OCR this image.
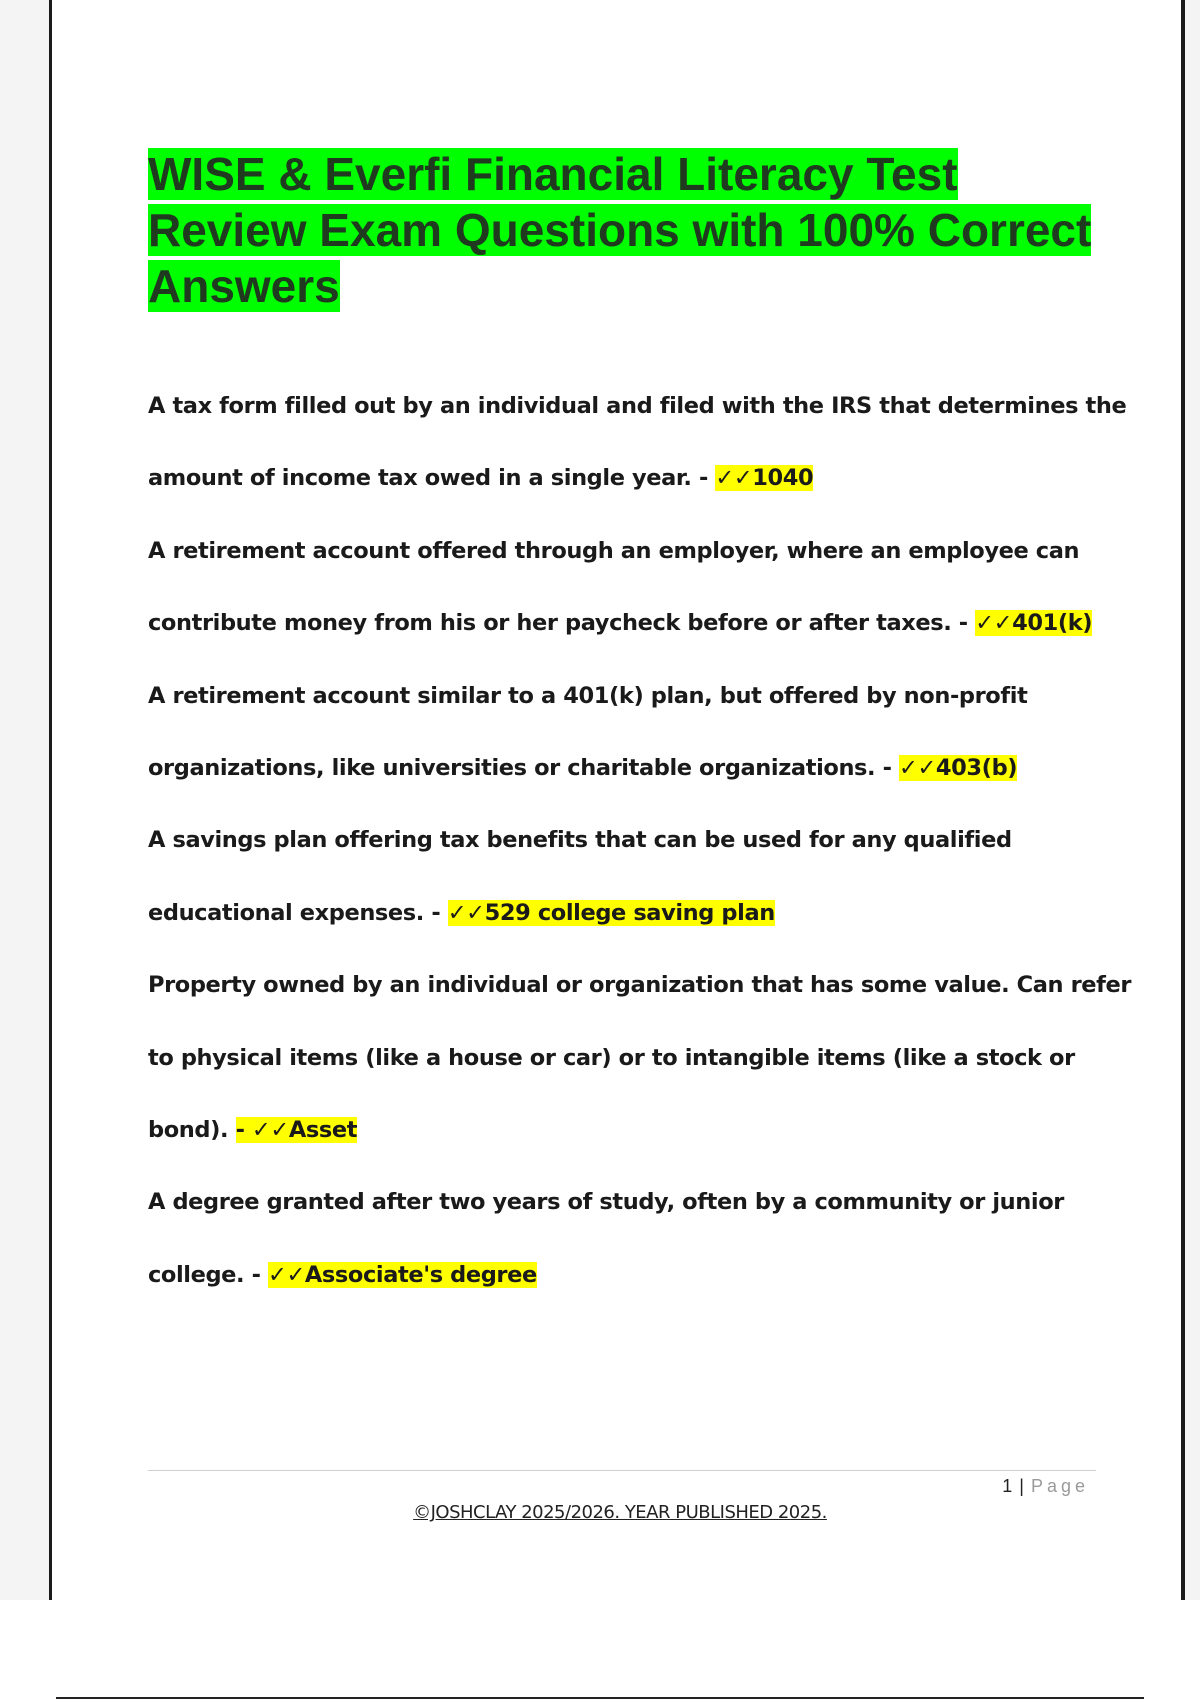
WISE & Everfi Financial Literacy Test Review Exam Questions with 100% Correct Answers
A tax form filled out by an individual and filed with the IRS that determines the amount of income tax owed in a single year. - ✓✓1040
A retirement account offered through an employer, where an employee can contribute money from his or her paycheck before or after taxes. - ✓✓401(k)
A retirement account similar to a 401(k) plan, but offered by non-profit organizations, like universities or charitable organizations. - ✓✓403(b)
A savings plan offering tax benefits that can be used for any qualified educational expenses. - ✓✓529 college saving plan
Property owned by an individual or organization that has some value. Can refer to physical items (like a house or car) or to intangible items (like a stock or bond). - ✓✓Asset
A degree granted after two years of study, often by a community or junior college. - ✓✓Associate's degree
1 | Page
©JOSHCLAY 2025/2026. YEAR PUBLISHED 2025.
